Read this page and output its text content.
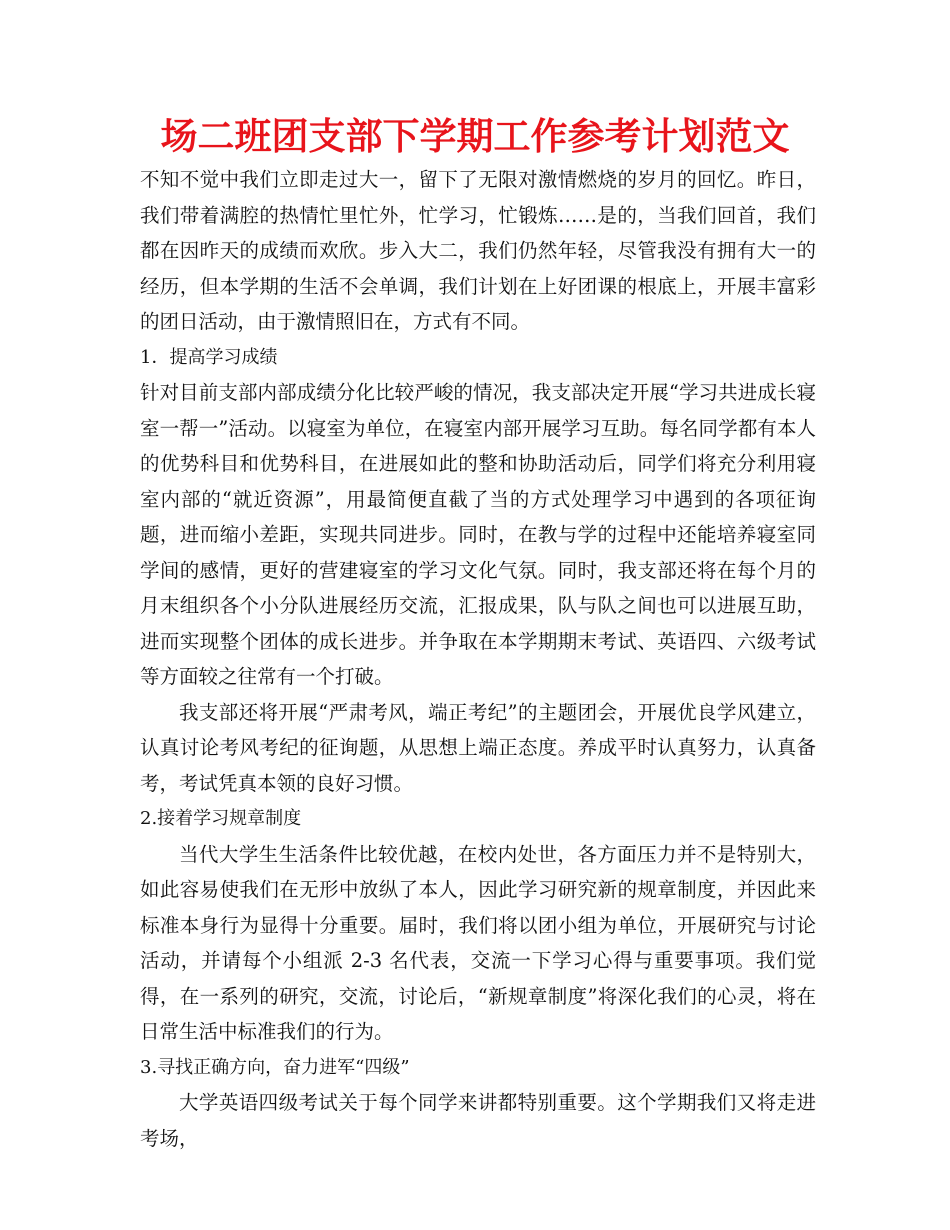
场二班团支部下学期工作参考计划范文

不知不觉中我们立即走过大一，留下了无限对激情燃烧的岁月的回忆。昨日，我们带着满腔的热情忙里忙外，忙学习，忙锻炼……是的，当我们回首，我们都在因昨天的成绩而欢欣。步入大二，我们仍然年轻，尽管我没有拥有大一的经历，但本学期的生活不会单调，我们计划在上好团课的根底上，开展丰富彩的团日活动，由于激情照旧在，方式有不同。

1．提高学习成绩

针对目前支部内部成绩分化比较严峻的情况，我支部决定开展“学习共进成长寝室一帮一”活动。以寝室为单位，在寝室内部开展学习互助。每名同学都有本人的优势科目和优势科目，在进展如此的整和协助活动后，同学们将充分利用寝室内部的“就近资源”，用最简便直截了当的方式处理学习中遇到的各项征询题，进而缩小差距，实现共同进步。同时，在教与学的过程中还能培养寝室同学间的感情，更好的营建寝室的学习文化气氛。同时，我支部还将在每个月的月末组织各个小分队进展经历交流，汇报成果，队与队之间也可以进展互助，进而实现整个团体的成长进步。并争取在本学期期末考试、英语四、六级考试等方面较之往常有一个打破。

我支部还将开展“严肃考风，端正考纪”的主题团会，开展优良学风建立，认真讨论考风考纪的征询题，从思想上端正态度。养成平时认真努力，认真备考，考试凭真本领的良好习惯。

2.接着学习规章制度

当代大学生生活条件比较优越，在校内处世，各方面压力并不是特别大，如此容易使我们在无形中放纵了本人，因此学习研究新的规章制度，并因此来标准本身行为显得十分重要。届时，我们将以团小组为单位，开展研究与讨论活动，并请每个小组派 2-3 名代表，交流一下学习心得与重要事项。我们觉得，在一系列的研究，交流，讨论后，“新规章制度”将深化我们的心灵，将在日常生活中标准我们的行为。

3.寻找正确方向，奋力进军“四级”

大学英语四级考试关于每个同学来讲都特别重要。这个学期我们又将走进考场，
